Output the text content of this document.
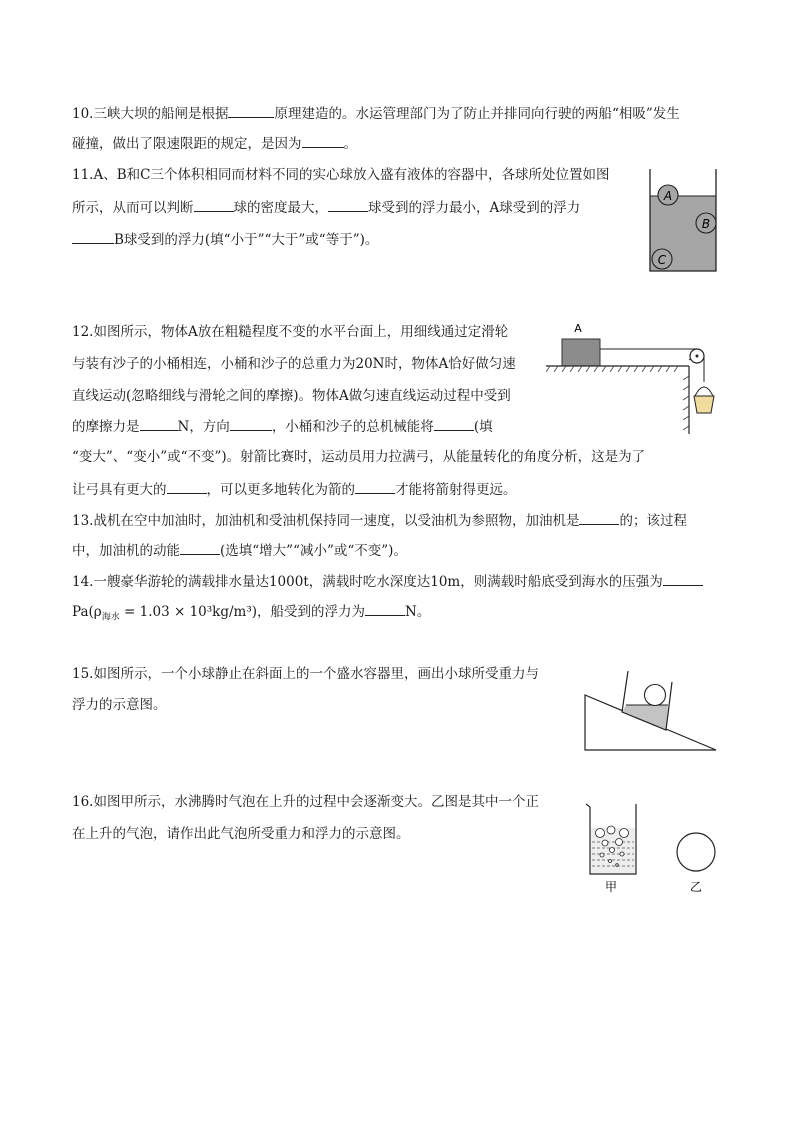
10.三峡大坝的船闸是根据	原理建造的。水运管理部门为了防止并排同向行驶的两船“相吸”发生
碰撞，做出了限速限距的规定，是因为	。
11.A、B和C三个体积相同而材料不同的实心球放入盛有液体的容器中，各球所处位置如图
所示，从而可以判断	球的密度最大，	球受到的浮力最小，A球受到的浮力
B球受到的浮力(填“小于”“大于”或“等于”)。
A
B
C
12.如图所示，物体A放在粗糙程度不变的水平台面上，用细线通过定滑轮
与装有沙子的小桶相连，小桶和沙子的总重力为20N时，物体A恰好做匀速
直线运动(忽略细线与滑轮之间的摩擦)。物体A做匀速直线运动过程中受到
的摩擦力是	N，方向	，小桶和沙子的总机械能将	(填
“变大”、“变小”或“不变”)。射箭比赛时，运动员用力拉满弓，从能量转化的角度分析，这是为了
让弓具有更大的	，可以更多地转化为箭的	才能将箭射得更远。
A
13.战机在空中加油时，加油机和受油机保持同一速度，以受油机为参照物，加油机是	的；该过程
中，加油机的动能	(选填“增大”“减小”或“不变”)。
14.一艘豪华游轮的满载排水量达1000t，满载时吃水深度达10m，则满载时船底受到海水的压强为
$Pa(\rho_{海水} = 1.03 \times 10^3kg/m^3)$，船受到的浮力为	N。
15.如图所示，一个小球静止在斜面上的一个盛水容器里，画出小球所受重力与
浮力的示意图。
16.如图甲所示，水沸腾时气泡在上升的过程中会逐渐变大。乙图是其中一个正
在上升的气泡，请作出此气泡所受重力和浮力的示意图。
甲	乙
